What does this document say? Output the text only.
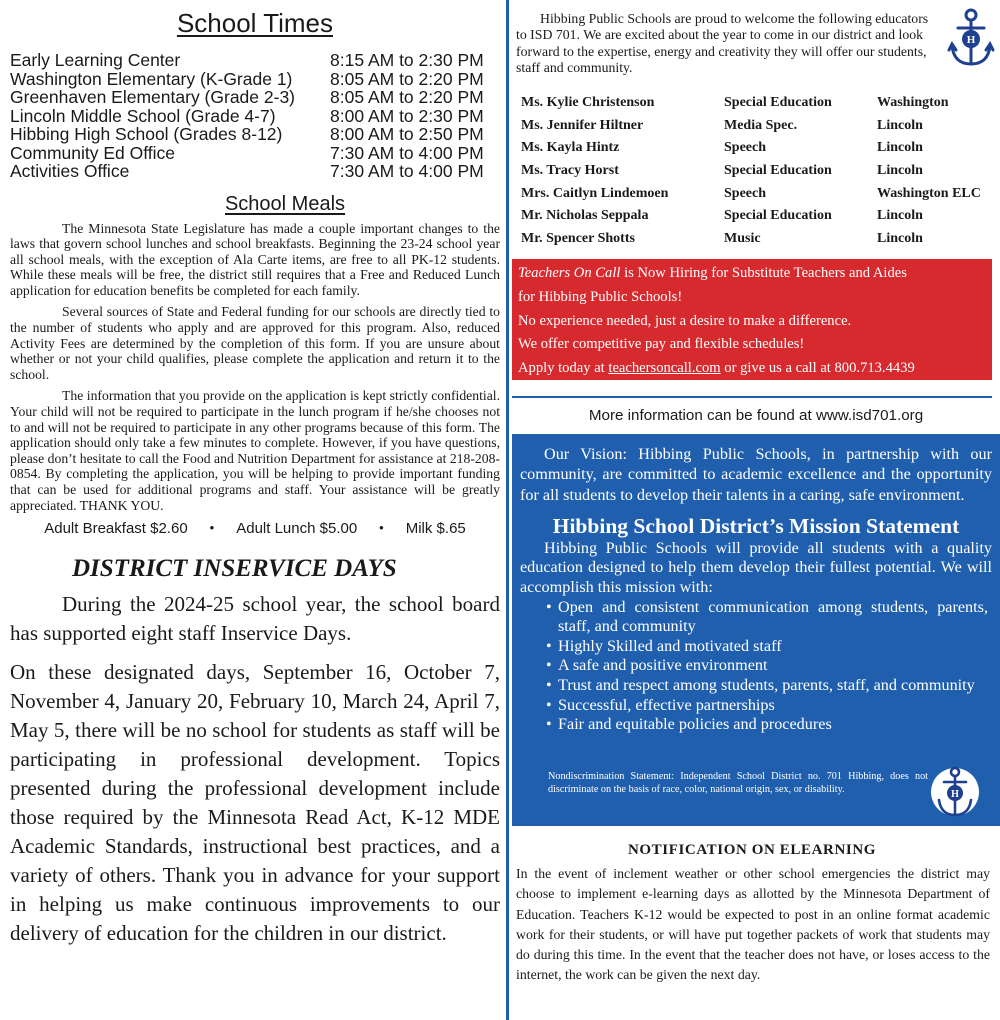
School Times
Early Learning Center	8:15 AM to 2:30 PM
Washington Elementary (K-Grade 1) 8:05 AM to 2:20 PM
Greenhaven Elementary (Grade 2-3) 8:05 AM to 2:20 PM
Lincoln Middle School (Grade 4-7)	8:00 AM to 2:30 PM
Hibbing High School (Grades 8-12)	8:00 AM to 2:50 PM
Community Ed Office	7:30 AM to 4:00 PM
Activities Office	7:30 AM to 4:00 PM
School Meals

The Minnesota State Legislature has made a couple important changes to the laws that govern school lunches and school breakfasts. Beginning the 23-24 school year all school meals, with the exception of Ala Carte items, are free to all PK-12 students. While these meals will be free, the district still requires that a Free and Reduced Lunch application for education benefits be completed for each family.

Several sources of State and Federal funding for our schools are directly tied to the number of students who apply and are approved for this program. Also, reduced Activity Fees are determined by the completion of this form. If you are unsure about whether or not your child qualifies, please complete the application and return it to the school.

The information that you provide on the application is kept strictly confidential. Your child will not be required to participate in the lunch program if he/she chooses not to and will not be required to participate in any other programs because of this form. The application should only take a few minutes to complete. However, if you have questions, please don’t hesitate to call the Food and Nutrition Department for assistance at 218-208-0854. By completing the application, you will be helping to provide important funding that can be used for additional programs and staff. Your assistance will be greatly appreciated. THANK YOU.

Adult Breakfast $2.60 • Adult Lunch $5.00 • Milk $.65
DISTRICT INSERVICE DAYS

During the 2024-25 school year, the school board has supported eight staff Inservice Days.

On these designated days, September 16, October 7, November 4, January 20, February 10, March 24, April 7, May 5, there will be no school for students as staff will be participating in professional development. Topics presented during the professional development include those required by the Minnesota Read Act, K-12 MDE Academic Standards, instructional best practices, and a variety of others. Thank you in advance for your support in helping us make continuous improvements to our delivery of education for the children in our district.

Hibbing Public Schools are proud to welcome the following educators to ISD 701. We are excited about the year to come in our district and look forward to the expertise, energy and creativity they will offer our students, staff and community.

H
Ms. Kylie Christenson	Special Education	Washington
Ms. Jennifer Hiltner	Media Spec.	Lincoln
Ms. Kayla Hintz	Speech	Lincoln
Ms. Tracy Horst	Special Education	Lincoln
Mrs. Caitlyn Lindemoen	Speech	Washington ELC
Mr. Nicholas Seppala	Special Education	Lincoln
Mr. Spencer Shotts	Music	Lincoln
Teachers On Call is Now Hiring for Substitute Teachers and Aides
for Hibbing Public Schools!
No experience needed, just a desire to make a difference.
We offer competitive pay and flexible schedules!
Apply today at teachersoncall.com or give us a call at 800.713.4439
More information can be found at www.isd701.org

Our Vision: Hibbing Public Schools, in partnership with our community, are committed to academic excellence and the opportunity for all students to develop their talents in a caring, safe environment.

Hibbing School District’s Mission Statement

Hibbing Public Schools will provide all students with a quality education designed to help them develop their fullest potential. We will accomplish this mission with:

• Open and consistent communication among students, parents, staff, and community
• Highly Skilled and motivated staff
• A safe and positive environment
• Trust and respect among students, parents, staff, and community
• Successful, effective partnerships
• Fair and equitable policies and procedures

Nondiscrimination Statement: Independent School District no. 701 Hibbing, does not discriminate on the basis of race, color, national origin, sex, or disability.	H
NOTIFICATION ON ELEARNING

In the event of inclement weather or other school emergencies the district may choose to implement e-learning days as allotted by the Minnesota Department of Education. Teachers K-12 would be expected to post in an online format academic work for their students, or will have put together packets of work that students may do during this time. In the event that the teacher does not have, or loses access to the internet, the work can be given the next day.
